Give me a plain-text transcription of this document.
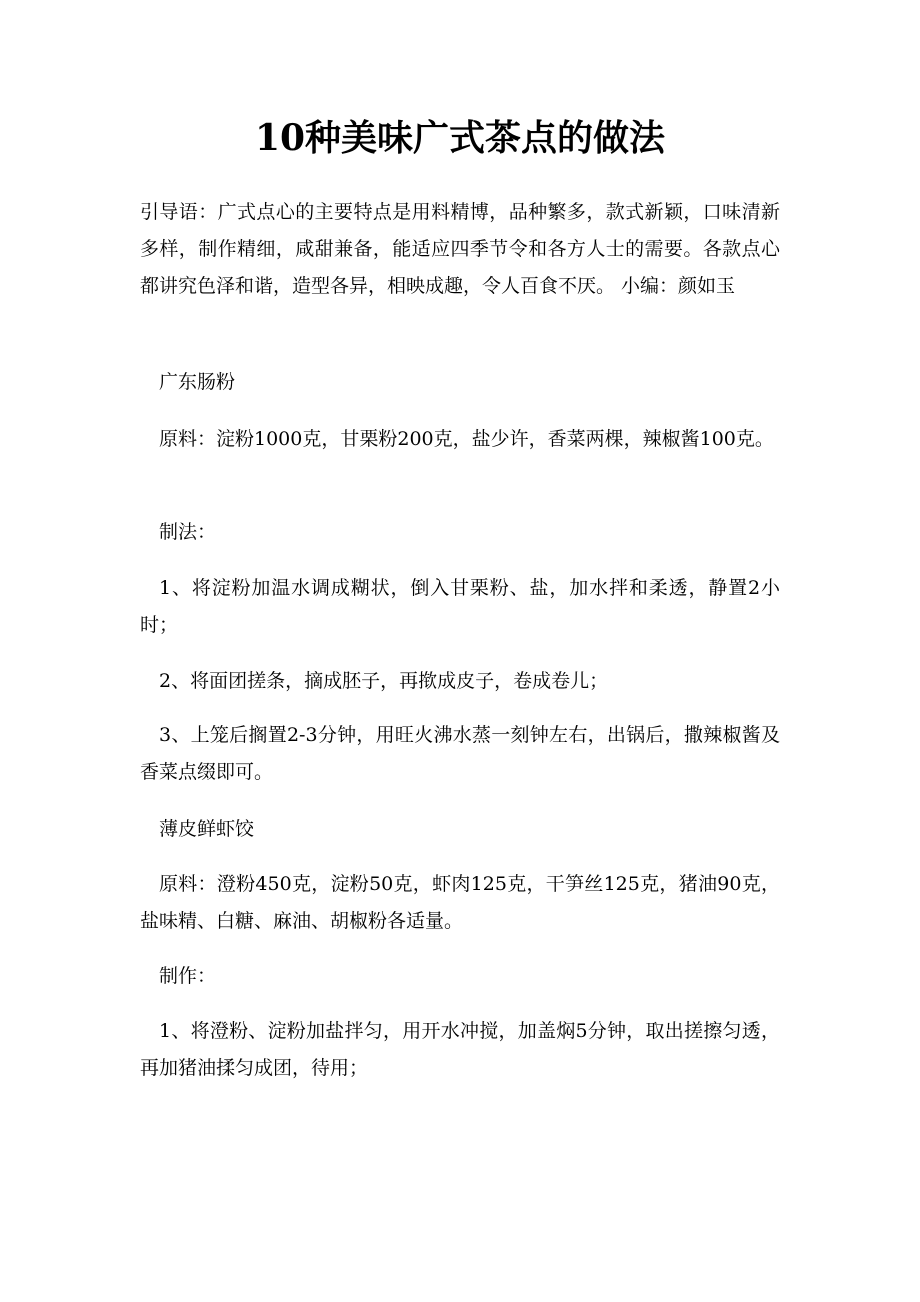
10种美味广式茶点的做法

引导语：广式点心的主要特点是用料精博，品种繁多，款式新颖，口味清新多样，制作精细，咸甜兼备，能适应四季节令和各方人士的需要。各款点心都讲究色泽和谐，造型各异，相映成趣，令人百食不厌。 小编：颜如玉

广东肠粉

原料：淀粉1000克，甘栗粉200克，盐少许，香菜两棵，辣椒酱100克。

制法：

1、将淀粉加温水调成糊状，倒入甘栗粉、盐，加水拌和柔透，静置2小时；

2、将面团搓条，摘成胚子，再揿成皮子，卷成卷儿；

3、上笼后搁置2-3分钟，用旺火沸水蒸一刻钟左右，出锅后，撒辣椒酱及香菜点缀即可。

薄皮鲜虾饺

原料：澄粉450克，淀粉50克，虾肉125克，干笋丝125克，猪油90克，盐味精、白糖、麻油、胡椒粉各适量。

制作：

1、将澄粉、淀粉加盐拌匀，用开水冲搅，加盖焖5分钟，取出搓擦匀透，再加猪油揉匀成团，待用；
